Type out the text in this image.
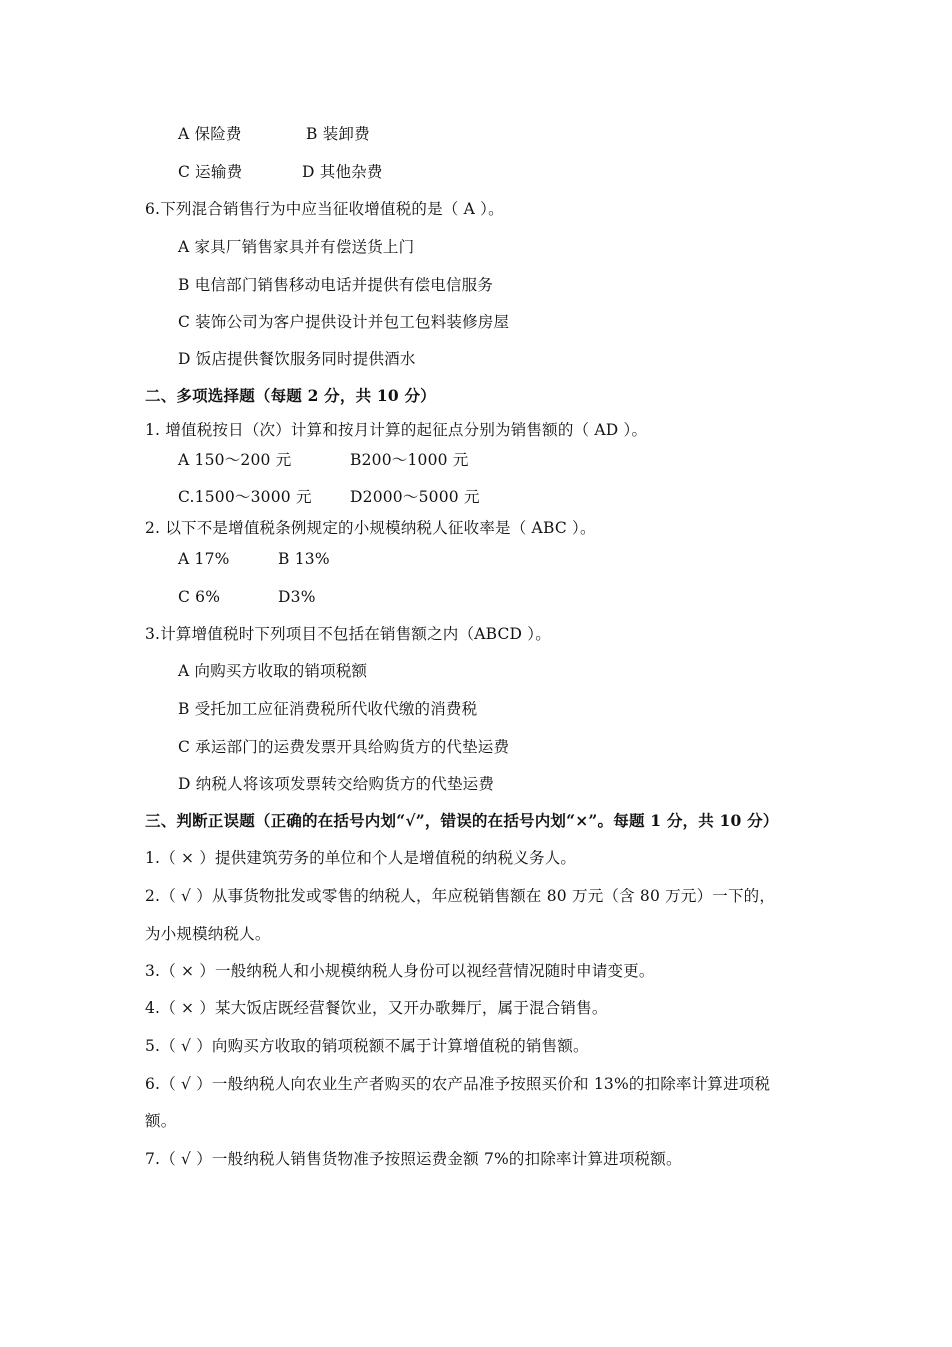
A 保险费	B 装卸费
C 运输费	D 其他杂费
6.下列混合销售行为中应当征收增值税的是（ A ）。
A 家具厂销售家具并有偿送货上门
B 电信部门销售移动电话并提供有偿电信服务
C 装饰公司为客户提供设计并包工包料装修房屋
D 饭店提供餐饮服务同时提供酒水
二、多项选择题（每题 2 分，共 10 分）
1. 增值税按日（次）计算和按月计算的起征点分别为销售额的（ AD ）。
A 150～200 元	B200～1000 元
C.1500～3000 元 D2000～5000 元
2. 以下不是增值税条例规定的小规模纳税人征收率是（ ABC ）。
A 17%	B 13%
C 6%	D3%
3.计算增值税时下列项目不包括在销售额之内（ABCD ）。
A 向购买方收取的销项税额
B 受托加工应征消费税所代收代缴的消费税
C 承运部门的运费发票开具给购货方的代垫运费
D 纳税人将该项发票转交给购货方的代垫运费
三、判断正误题（正确的在括号内划“√”，错误的在括号内划“×”。每题 1 分，共 10 分）
1.（ × ）提供建筑劳务的单位和个人是增值税的纳税义务人。
2.（ √ ）从事货物批发或零售的纳税人，年应税销售额在 80 万元（含 80 万元）一下的，
为小规模纳税人。
3.（ × ）一般纳税人和小规模纳税人身份可以视经营情况随时申请变更。
4.（ × ）某大饭店既经营餐饮业，又开办歌舞厅，属于混合销售。
5.（ √ ）向购买方收取的销项税额不属于计算增值税的销售额。
6.（ √ ）一般纳税人向农业生产者购买的农产品准予按照买价和 13%的扣除率计算进项税
额。
7.（ √ ）一般纳税人销售货物准予按照运费金额 7%的扣除率计算进项税额。
